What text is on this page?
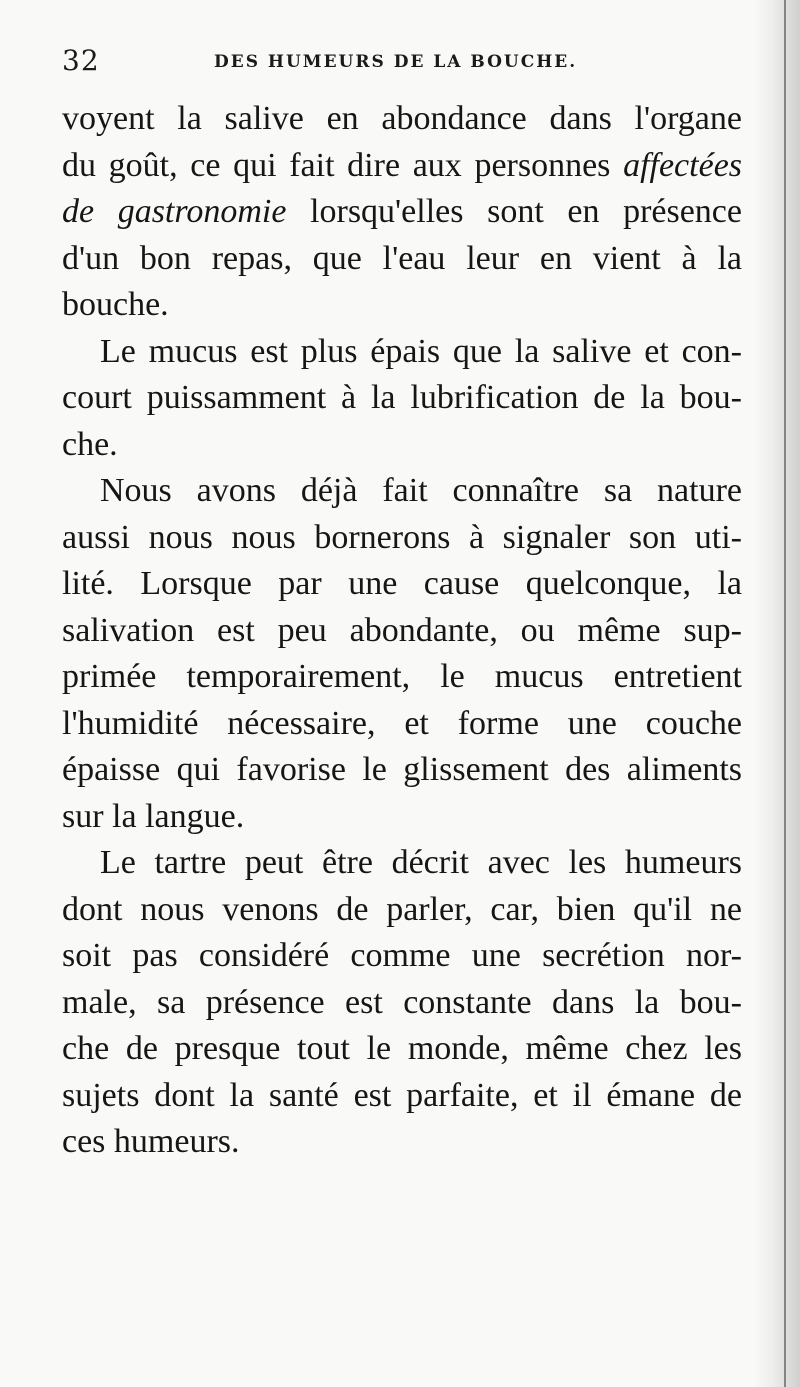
32	DES HUMEURS DE LA BOUCHE.
voyent la salive en abondance dans l'organe
du goût, ce qui fait dire aux personnes affectées
de gastronomie lorsqu'elles sont en présence
d'un bon repas, que l'eau leur en vient à la
bouche.
Le mucus est plus épais que la salive et con-
court puissamment à la lubrification de la bou-
che.
Nous avons déjà fait connaître sa nature
aussi nous nous bornerons à signaler son uti-
lité. Lorsque par une cause quelconque, la
salivation est peu abondante, ou même sup-
primée temporairement, le mucus entretient
l'humidité nécessaire, et forme une couche
épaisse qui favorise le glissement des aliments
sur la langue.
Le tartre peut être décrit avec les humeurs
dont nous venons de parler, car, bien qu'il ne
soit pas considéré comme une secrétion nor-
male, sa présence est constante dans la bou-
che de presque tout le monde, même chez les
sujets dont la santé est parfaite, et il émane de
ces humeurs.
